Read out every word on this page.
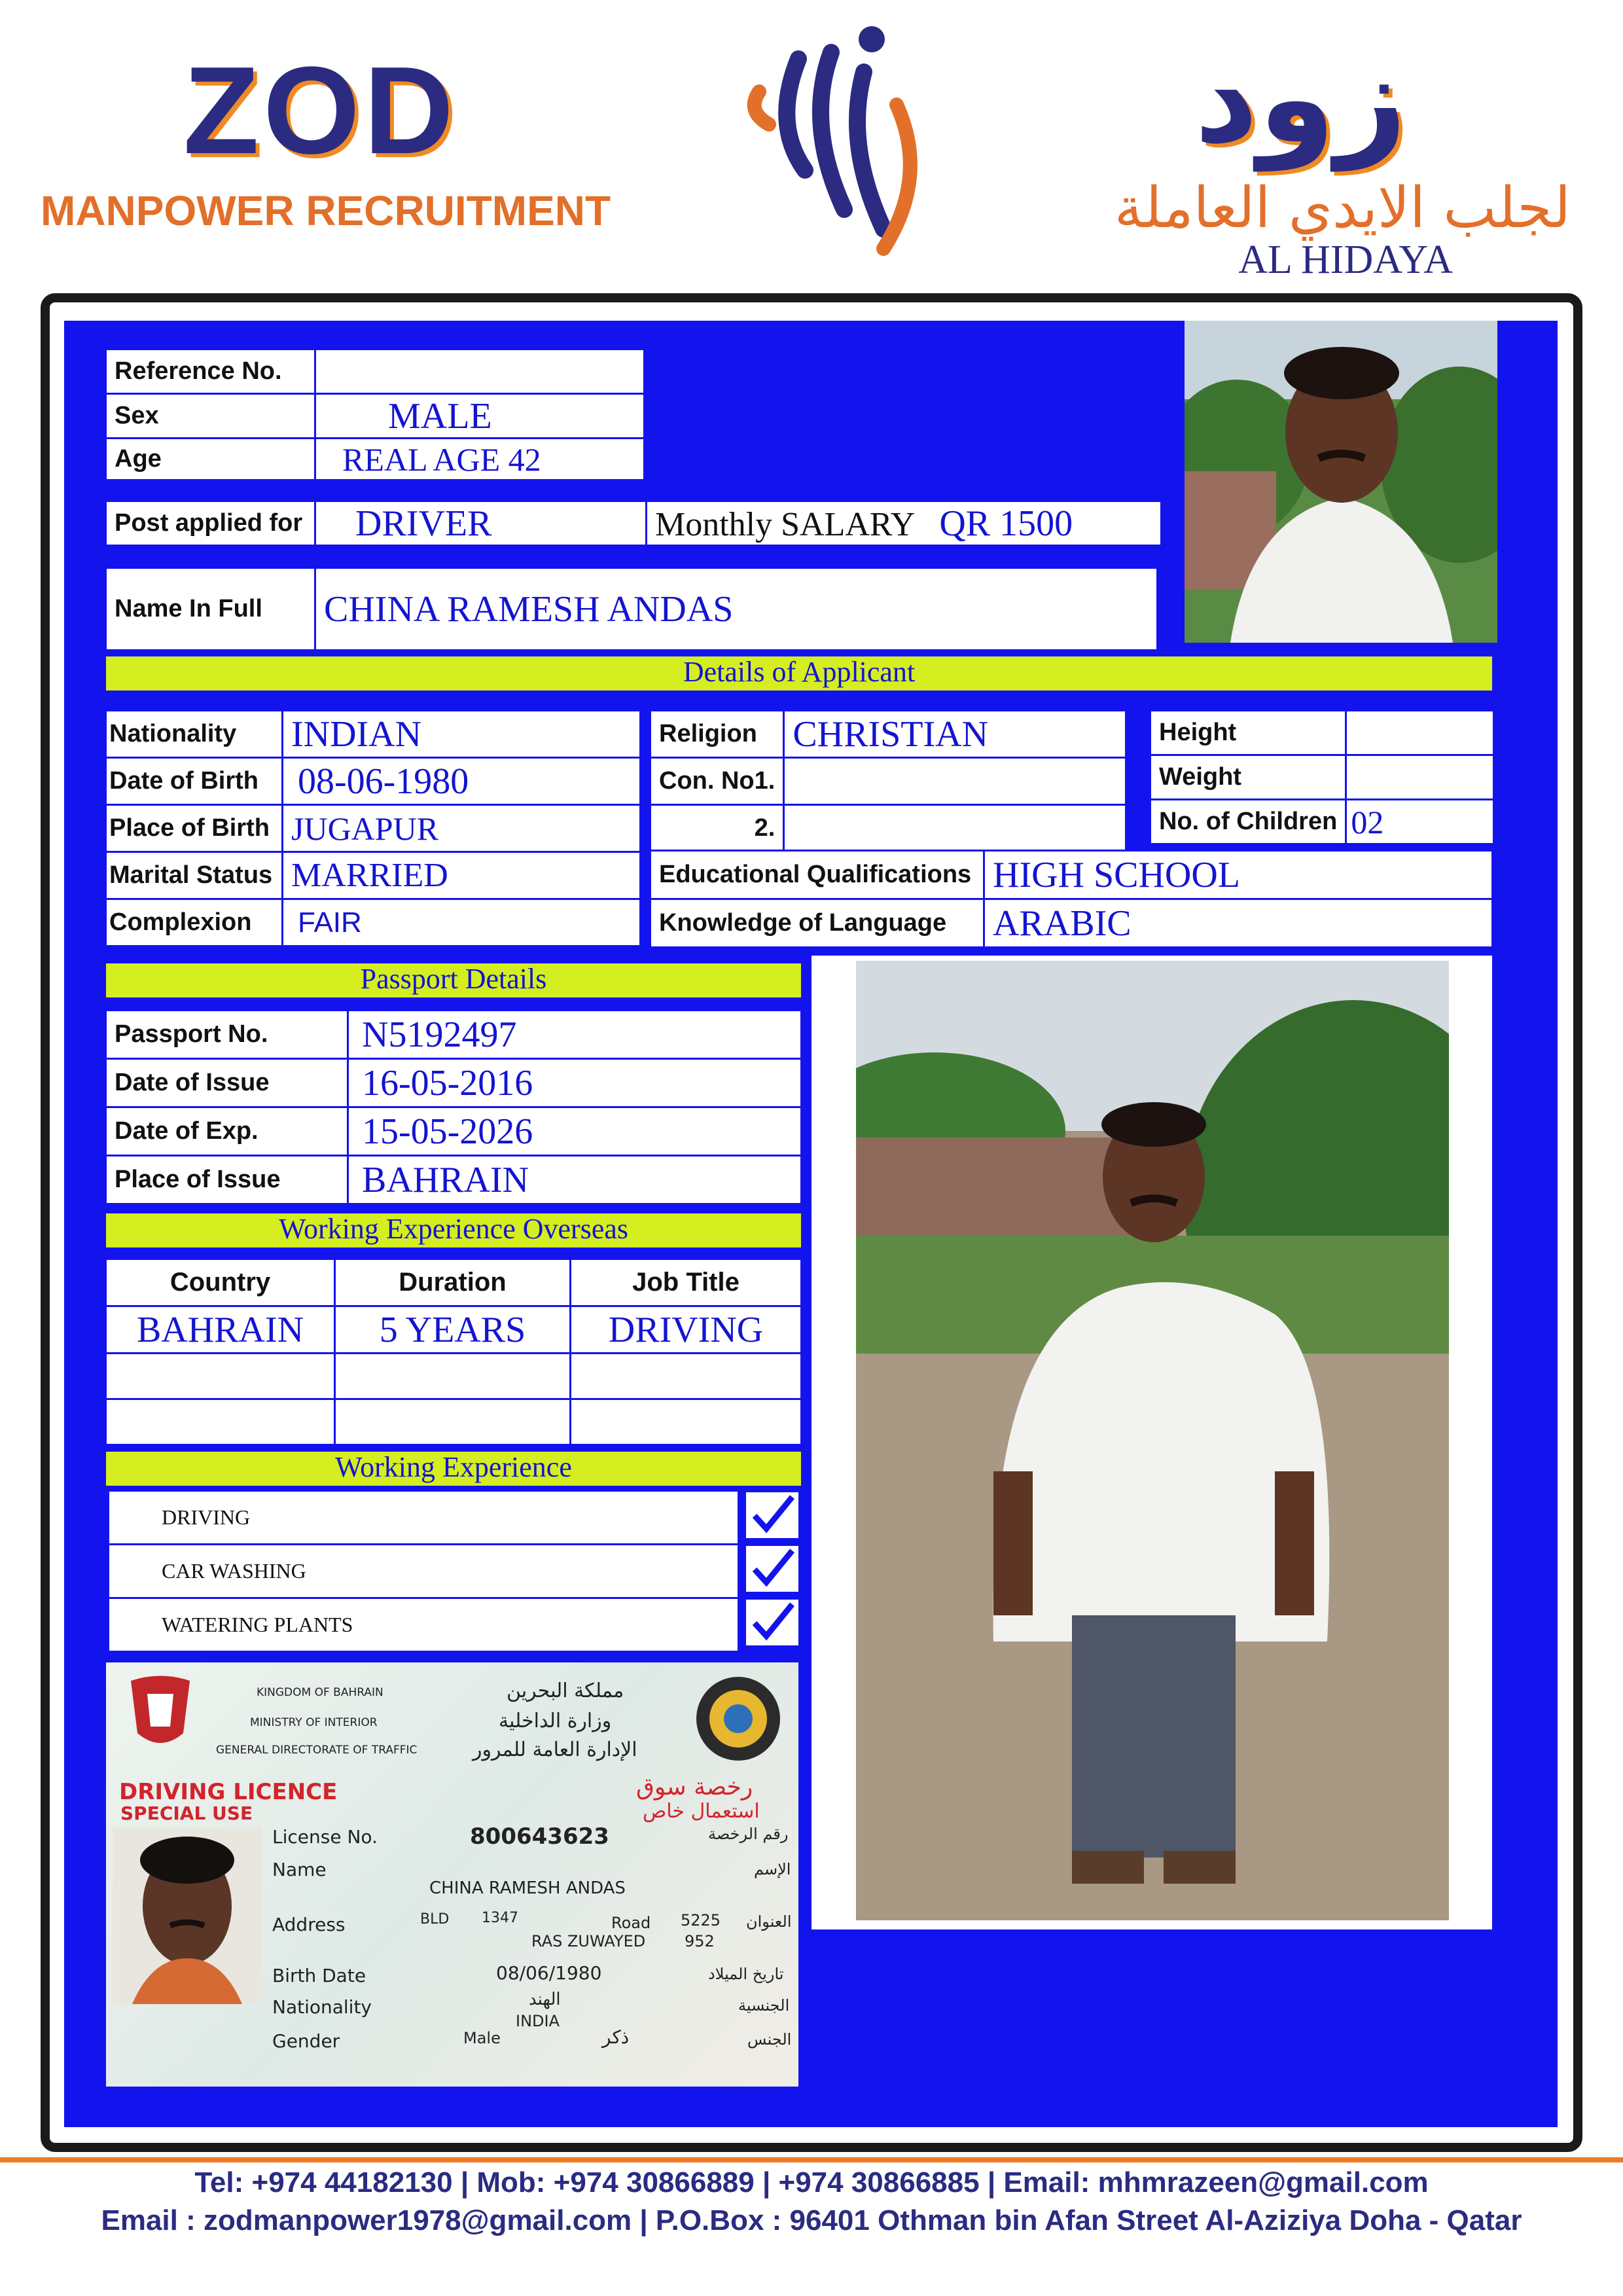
ZOD
MANPOWER RECRUITMENT
زود
لجلب الايدي العاملة
AL HIDAYA
Reference No.	
Sex	MALE
Age	REAL AGE 42
Post applied for	DRIVER	Monthly SALARY QR 1500
Name In Full	CHINA RAMESH ANDAS
Details of Applicant
Nationality	INDIAN
Date of Birth	08-06-1980
Place of Birth	JUGAPUR
Marital Status	MARRIED
Complexion	FAIR
Religion	CHRISTIAN
Con. No1.	
2.	
Height	
Weight	
No. of Children	02
Educational Qualifications	HIGH SCHOOL
Knowledge of Language	ARABIC
Passport Details
Passport No.	N5192497
Date of Issue	16-05-2016
Date of Exp.	15-05-2026
Place of Issue	BAHRAIN
Working Experience Overseas
Country	Duration	Job Title
BAHRAIN	5 YEARS	DRIVING

Working Experience
DRIVING
CAR WASHING
WATERING PLANTS
KINGDOM OF BAHRAIN
MINISTRY OF INTERIOR
GENERAL DIRECTORATE OF TRAFFIC
مملكة البحرين
وزارة الداخلية
الإدارة العامة للمرور
DRIVING LICENCE
SPECIAL USE
رخصة سوق
استعمال خاص
License No.	800643623	رقم الرخصة
Name
CHINA RAMESH ANDAS
الإسم
Address	BLD 1347	Road 5225
RAS ZUWAYED 952
العنوان
Birth Date	08/06/1980	تاريخ الميلاد
Nationality	الهند
INDIA
الجنسية
Gender	Male	ذكر	الجنس
Tel: +974 44182130 | Mob: +974 30866889 | +974 30866885 | Email: mhmrazeen@gmail.com
Email : zodmanpower1978@gmail.com | P.O.Box : 96401 Othman bin Afan Street Al-Aziziya Doha - Qatar
